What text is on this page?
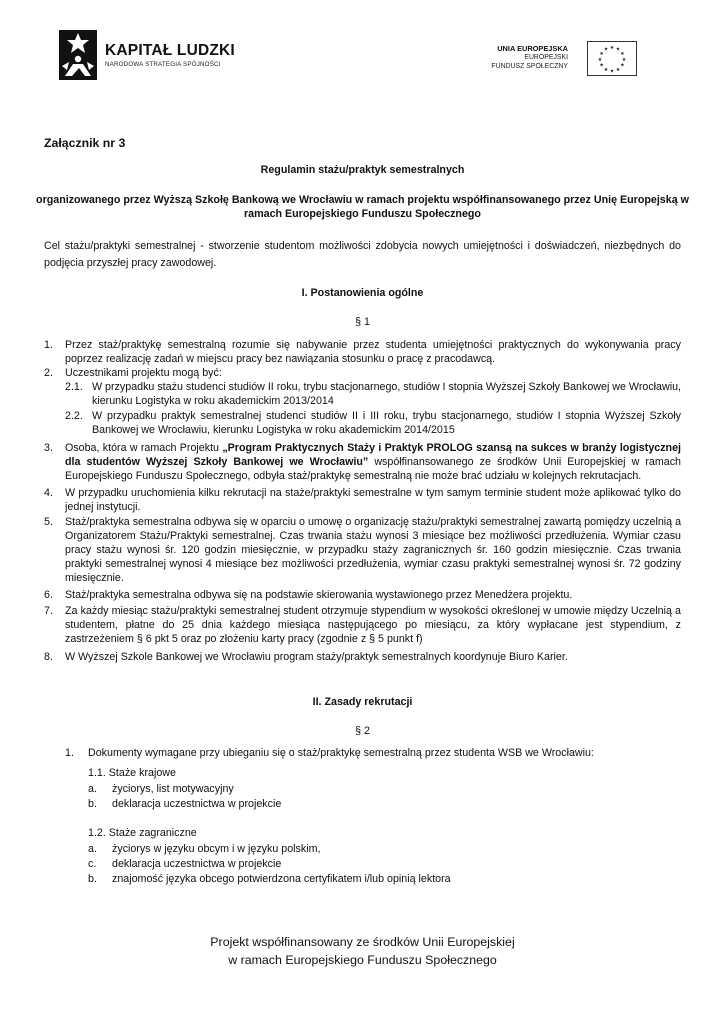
KAPITAŁ LUDZKI
NARODOWA STRATEGIA SPÓJNOŚCI
UNIA EUROPEJSKA
EUROPEJSKI
FUNDUSZ SPOŁECZNY
★ ★
★
★
★
★
★
★
★
★
★
★
Załącznik nr 3
Regulamin stażu/praktyk semestralnych
organizowanego przez Wyższą Szkołę Bankową we Wrocławiu w ramach projektu współfinansowanego przez Unię Europejską w ramach Europejskiego Funduszu Społecznego
Cel stażu/praktyki semestralnej - stworzenie studentom możliwości zdobycia nowych umiejętności i doświadczeń, niezbędnych do podjęcia przyszłej pracy zawodowej.
I. Postanowienia ogólne
§ 1
1. Przez staż/praktykę semestralną rozumie się nabywanie przez studenta umiejętności praktycznych do wykonywania pracy poprzez realizację zadań w miejscu pracy bez nawiązania stosunku o pracę z pracodawcą.
2. Uczestnikami projektu mogą być:
2.1. W przypadku stażu studenci studiów II roku, trybu stacjonarnego, studiów I stopnia Wyższej Szkoły Bankowej we Wrocławiu, kierunku Logistyka w roku akademickim 2013/2014
2.2. W przypadku praktyk semestralnej studenci studiów II i III roku, trybu stacjonarnego, studiów I stopnia Wyższej Szkoły Bankowej we Wrocławiu, kierunku Logistyka w roku akademickim 2014/2015
3. Osoba, która w ramach Projektu „Program Praktycznych Staży i Praktyk PROLOG szansą na sukces w branży logistycznej dla studentów Wyższej Szkoły Bankowej we Wrocławiu” współfinansowanego ze środków Unii Europejskiej w ramach Europejskiego Funduszu Społecznego, odbyła staż/praktykę semestralną nie może brać udziału w kolejnych rekrutacjach.
4. W przypadku uruchomienia kilku rekrutacji na staże/praktyki semestralne w tym samym terminie student może aplikować tylko do jednej instytucji.
5. Staż/praktyka semestralna odbywa się w oparciu o umowę o organizację stażu/praktyki semestralnej zawartą pomiędzy uczelnią a Organizatorem Stażu/Praktyki semestralnej. Czas trwania stażu wynosi 3 miesiące bez możliwości przedłużenia. Wymiar czasu pracy stażu wynosi śr. 120 godzin miesięcznie, w przypadku staży zagranicznych śr. 160 godzin miesięcznie. Czas trwania praktyki semestralnej wynosi 4 miesiące bez możliwości przedłużenia, wymiar czasu praktyki semestralnej wynosi śr. 72 godziny miesięcznie.
6. Staż/praktyka semestralna odbywa się na podstawie skierowania wystawionego przez Menedżera projektu.
7. Za każdy miesiąc stażu/praktyki semestralnej student otrzymuje stypendium w wysokości określonej w umowie między Uczelnią a studentem, płatne do 25 dnia każdego miesiąca następującego po miesiącu, za który wypłacane jest stypendium, z zastrzeżeniem § 6 pkt 5 oraz po złożeniu karty pracy (zgodnie z § 5 punkt f)
8. W Wyższej Szkole Bankowej we Wrocławiu program staży/praktyk semestralnych koordynuje Biuro Karier.
II. Zasady rekrutacji
§ 2
1. Dokumenty wymagane przy ubieganiu się o staż/praktykę semestralną przez studenta WSB we Wrocławiu:
1.1. Staże krajowe
a. życiorys, list motywacyjny
b. deklaracja uczestnictwa w projekcie
1.2. Staże zagraniczne
a. życiorys w języku obcym i w języku polskim,
c. deklaracja uczestnictwa w projekcie
b. znajomość języka obcego potwierdzona certyfikatem i/lub opinią lektora
Projekt współfinansowany ze środków Unii Europejskiej
w ramach Europejskiego Funduszu Społecznego
